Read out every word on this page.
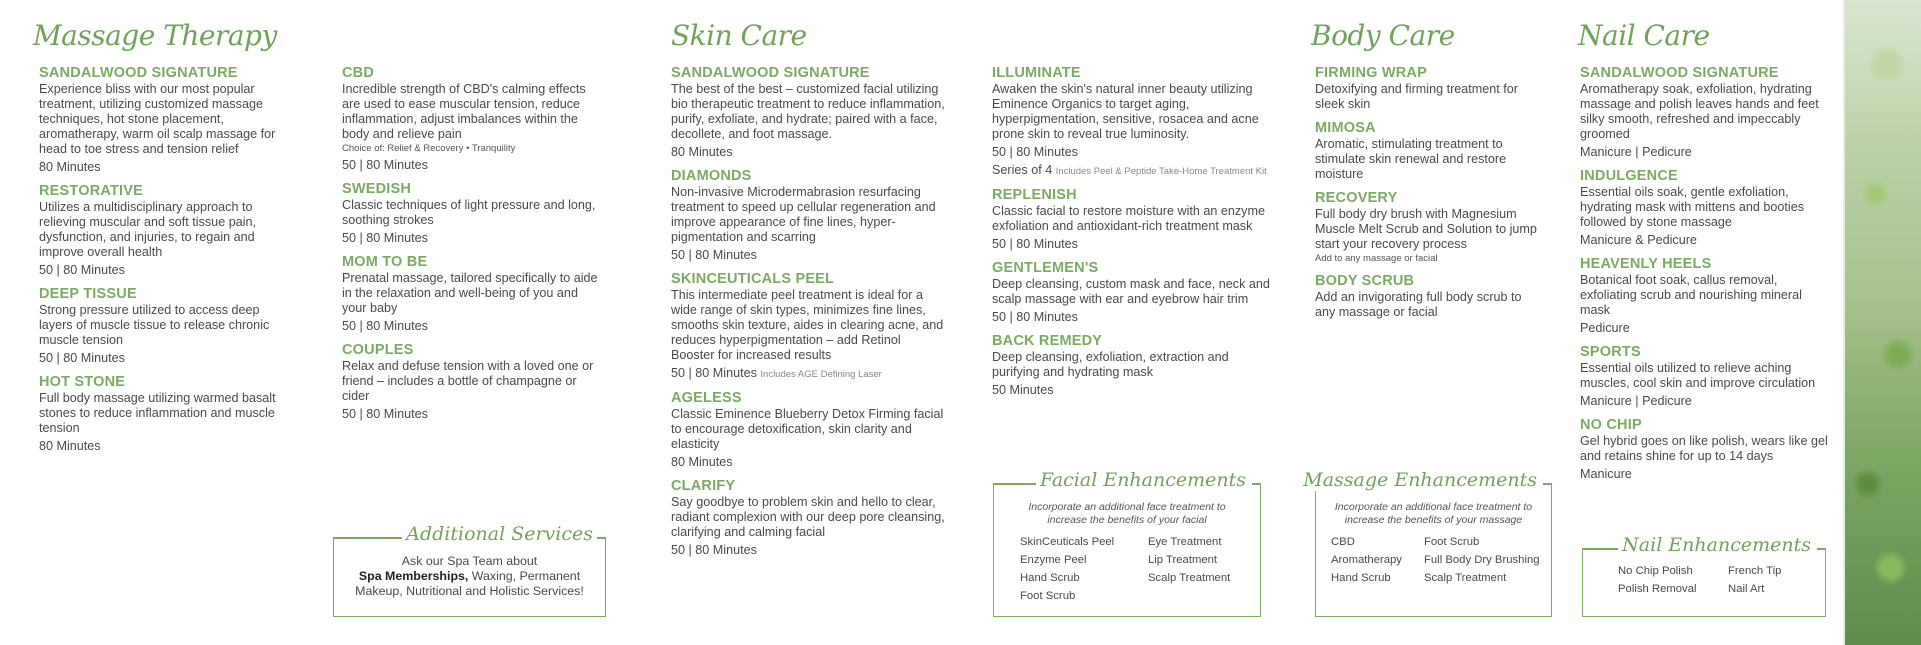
Massage Therapy	Skin Care	Body Care	Nail Care
SANDALWOOD SIGNATURE
Experience bliss with our most popular treatment, utilizing customized massage techniques, hot stone placement, aromatherapy, warm oil scalp massage for head to toe stress and tension relief
80 Minutes
RESTORATIVE
Utilizes a multidisciplinary approach to relieving muscular and soft tissue pain, dysfunction, and injuries, to regain and improve overall health
50 | 80 Minutes
DEEP TISSUE
Strong pressure utilized to access deep layers of muscle tissue to release chronic muscle tension
50 | 80 Minutes
HOT STONE
Full body massage utilizing warmed basalt stones to reduce inflammation and muscle tension
80 Minutes
CBD
Incredible strength of CBD's calming effects are used to ease muscular tension, reduce inflammation, adjust imbalances within the body and relieve pain
Choice of: Relief & Recovery • Tranquility
50 | 80 Minutes
SWEDISH
Classic techniques of light pressure and long, soothing strokes
50 | 80 Minutes
MOM TO BE
Prenatal massage, tailored specifically to aide in the relaxation and well-being of you and your baby
50 | 80 Minutes
COUPLES
Relax and defuse tension with a loved one or friend – includes a bottle of champagne or cider
50 | 80 Minutes
Additional Services
Ask our Spa Team about
Spa Memberships, Waxing, Permanent Makeup, Nutritional and Holistic Services!
SANDALWOOD SIGNATURE
The best of the best – customized facial utilizing bio therapeutic treatment to reduce inflammation, purify, exfoliate, and hydrate; paired with a face, decollete, and foot massage.
80 Minutes
DIAMONDS
Non-invasive Microdermabrasion resurfacing treatment to speed up cellular regeneration and improve appearance of fine lines, hyper-pigmentation and scarring
50 | 80 Minutes
SKINCEUTICALS PEEL
This intermediate peel treatment is ideal for a wide range of skin types, minimizes fine lines, smooths skin texture, aides in clearing acne, and reduces hyperpigmentation – add Retinol Booster for increased results
50 | 80 Minutes Includes AGE Defining Laser
AGELESS
Classic Eminence Blueberry Detox Firming facial to encourage detoxification, skin clarity and elasticity
80 Minutes
CLARIFY
Say goodbye to problem skin and hello to clear, radiant complexion with our deep pore cleansing, clarifying and calming facial
50 | 80 Minutes
ILLUMINATE
Awaken the skin's natural inner beauty utilizing Eminence Organics to target aging, hyperpigmentation, sensitive, rosacea and acne prone skin to reveal true luminosity.
50 | 80 Minutes
Series of 4 Includes Peel & Peptide Take-Home Treatment Kit
REPLENISH
Classic facial to restore moisture with an enzyme exfoliation and antioxidant-rich treatment mask
50 | 80 Minutes
GENTLEMEN'S
Deep cleansing, custom mask and face, neck and scalp massage with ear and eyebrow hair trim
50 | 80 Minutes
BACK REMEDY
Deep cleansing, exfoliation, extraction and purifying and hydrating mask
50 Minutes
Facial Enhancements
Incorporate an additional face treatment to increase the benefits of your facial
SkinCeuticals Peel
Enzyme Peel
Hand Scrub
Foot Scrub
Eye Treatment
Lip Treatment
Scalp Treatment
FIRMING WRAP
Detoxifying and firming treatment for sleek skin
MIMOSA
Aromatic, stimulating treatment to stimulate skin renewal and restore moisture
RECOVERY
Full body dry brush with Magnesium Muscle Melt Scrub and Solution to jump start your recovery process
Add to any massage or facial
BODY SCRUB
Add an invigorating full body scrub to any massage or facial
Massage Enhancements
Incorporate an additional face treatment to increase the benefits of your massage
CBD
Aromatherapy
Hand Scrub
Foot Scrub
Full Body Dry Brushing
Scalp Treatment
SANDALWOOD SIGNATURE
Aromatherapy soak, exfoliation, hydrating massage and polish leaves hands and feet silky smooth, refreshed and impeccably groomed
Manicure | Pedicure
INDULGENCE
Essential oils soak, gentle exfoliation, hydrating mask with mittens and booties followed by stone massage
Manicure & Pedicure
HEAVENLY HEELS
Botanical foot soak, callus removal, exfoliating scrub and nourishing mineral mask
Pedicure
SPORTS
Essential oils utilized to relieve aching muscles, cool skin and improve circulation
Manicure | Pedicure
NO CHIP
Gel hybrid goes on like polish, wears like gel and retains shine for up to 14 days
Manicure
Nail Enhancements
No Chip Polish
Polish Removal
French Tip
Nail Art
